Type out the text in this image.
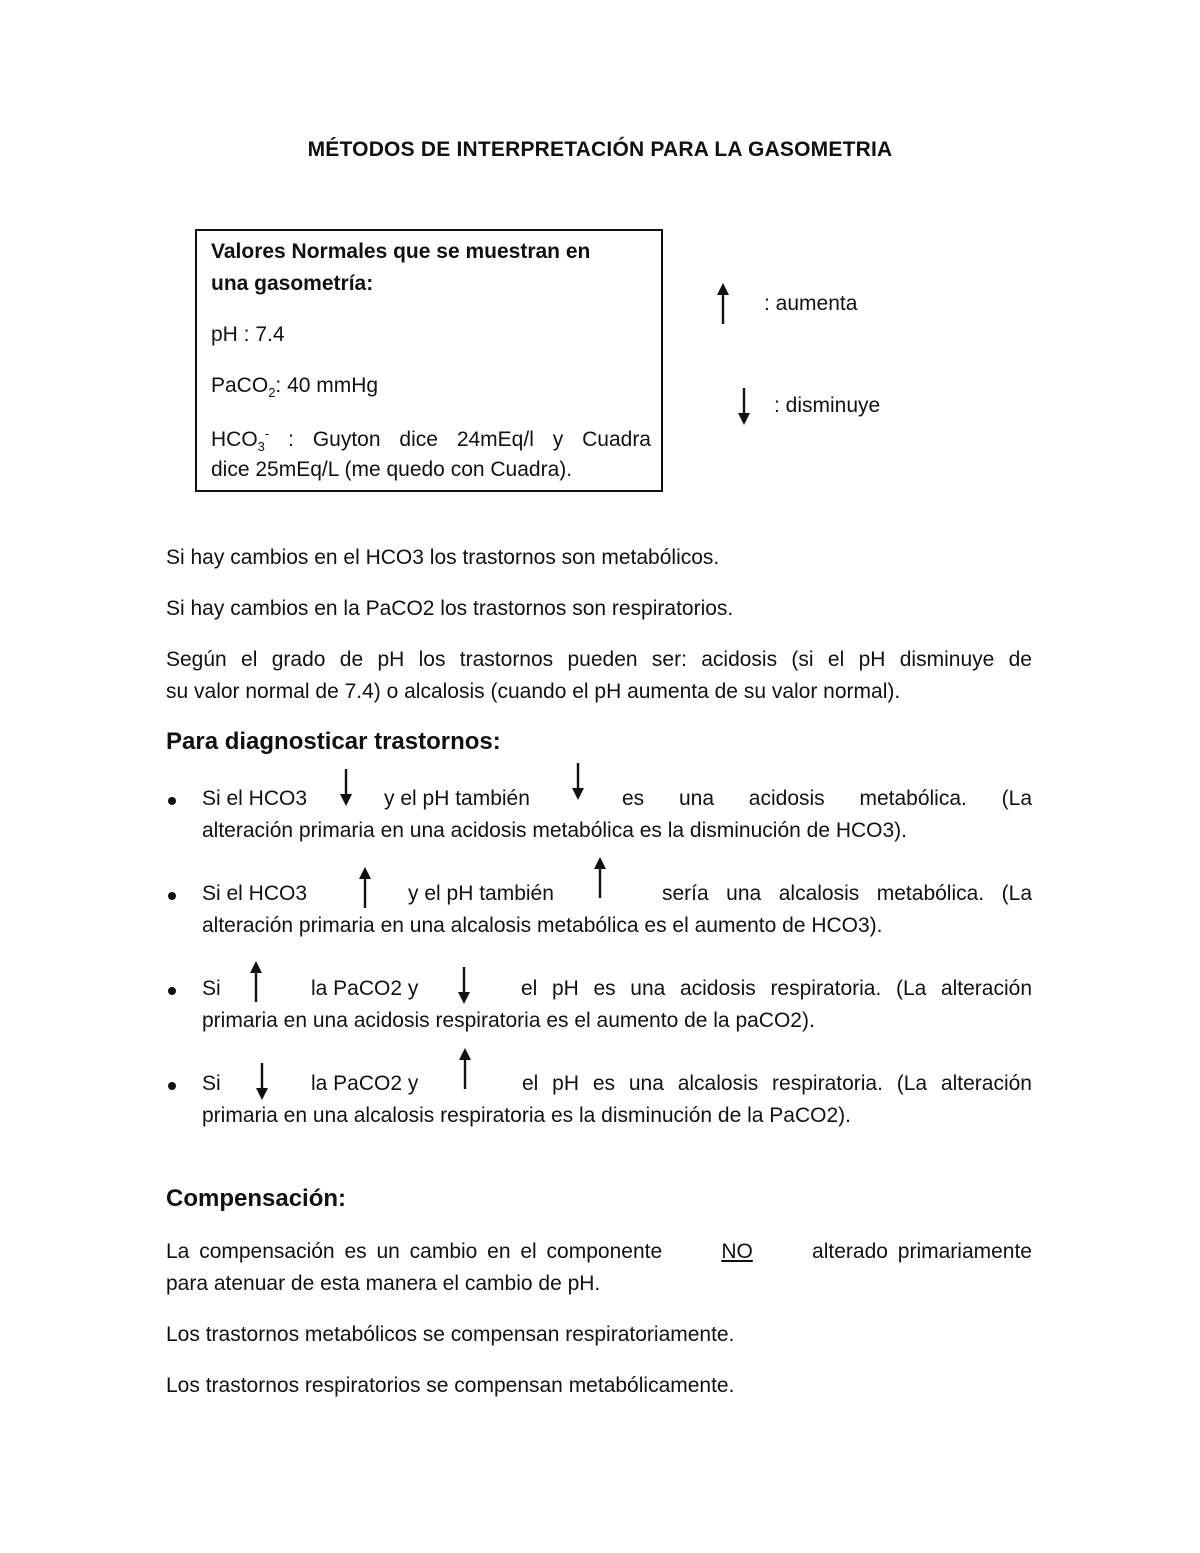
MÉTODOS DE INTERPRETACIÓN PARA LA GASOMETRIA
Valores Normales que se muestran en
una gasometría:
pH : 7.4
PaCO$_2$: 40 mmHg
$HCO_3^-$ : Guyton dice 24mEq/l y Cuadra
dice 25mEq/L (me quedo con Cuadra).
: aumenta
: disminuye
Si hay cambios en el HCO3 los trastornos son metabólicos.
Si hay cambios en la PaCO2 los trastornos son respiratorios.
Según el grado de pH los trastornos pueden ser: acidosis (si el pH disminuye de
su valor normal de 7.4) o alcalosis (cuando el pH aumenta de su valor normal).
Para diagnosticar trastornos:
Si el HCO3	y el pH también	es una acidosis metabólica. (La
alteración primaria en una acidosis metabólica es la disminución de HCO3).
Si el HCO3	y el pH también	sería una alcalosis metabólica. (La
alteración primaria en una alcalosis metabólica es el aumento de HCO3).
Si	la PaCO2 y	el pH es una acidosis respiratoria. (La alteración
primaria en una acidosis respiratoria es el aumento de la paCO2).
Si	la PaCO2 y	el pH es una alcalosis respiratoria. (La alteración
primaria en una alcalosis respiratoria es la disminución de la PaCO2).
Compensación:
La compensación es un cambio en el componente	NO	alterado primariamente
para atenuar de esta manera el cambio de pH.
Los trastornos metabólicos se compensan respiratoriamente.
Los trastornos respiratorios se compensan metabólicamente.
